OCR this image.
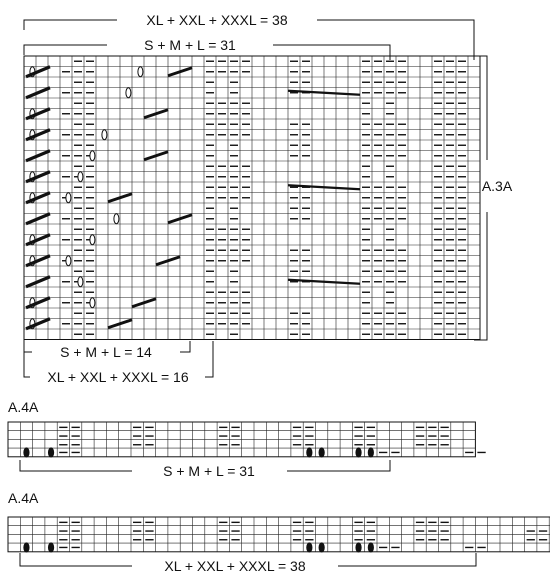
XL + XXL + XXXL = 38
S + M + L = 31
A.3A
S + M + L = 14
XL + XXL + XXXL = 16
A.4A
S + M + L = 31
A.4A
XL + XXL + XXXL = 38
